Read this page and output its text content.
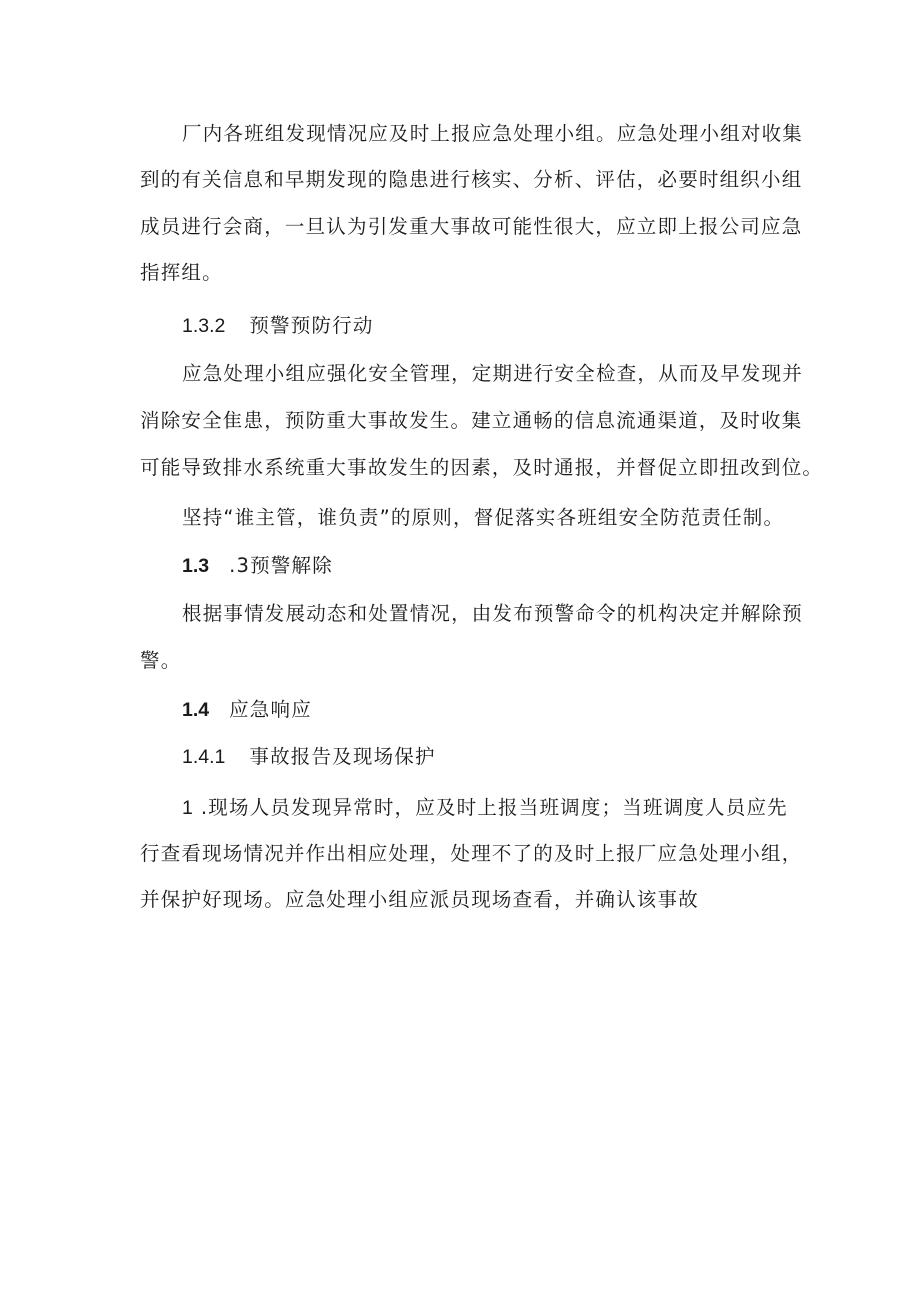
厂内各班组发现情况应及时上报应急处理小组。应急处理小组对收集
到的有关信息和早期发现的隐患进行核实、分析、评估，必要时组织小组
成员进行会商，一旦认为引发重大事故可能性很大，应立即上报公司应急
指挥组。
1.3.2 预警预防行动
应急处理小组应强化安全管理，定期进行安全检查，从而及早发现并
消除安全隹患，预防重大事故发生。建立通畅的信息流通渠道，及时收集
可能导致排水系统重大事故发生的因素，及时通报，并督促立即扭改到位。
坚持“谁主管，谁负责”的原则，督促落实各班组安全防范责任制。
1.3 .3预警解除
根据事情发展动态和处置情况，由发布预警命令的机构决定并解除预
警。
1.4 应急响应
1.4.1 事故报告及现场保护
1 .现场人员发现异常时，应及时上报当班调度；当班调度人员应先
行查看现场情况并作出相应处理，处理不了的及时上报厂应急处理小组，
并保护好现场。应急处理小组应派员现场查看，并确认该事故
